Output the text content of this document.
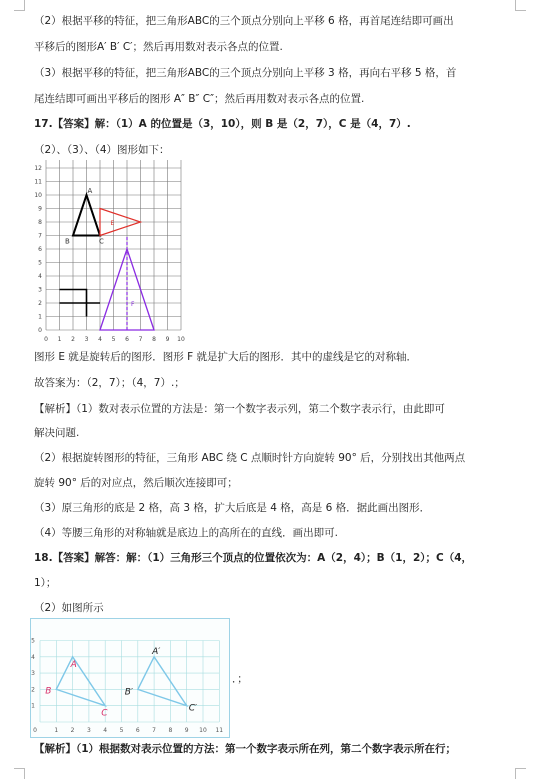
（2）根据平移的特征，把三角形ABC的三个顶点分别向上平移 6 格，再首尾连结即可画出
平移后的图形A′ B′ C′；然后再用数对表示各点的位置.
（3）根据平移的特征，把三角形ABC的三个顶点分别向上平移 3 格，再向右平移 5 格，首
尾连结即可画出平移后的图形 A″ B″ C″；然后再用数对表示各点的位置.
17.【答案】解：（1）A 的位置是（3，10），则 B 是（2，7），C 是（4，7）.
（2）、（3）、（4）图形如下：
0 1 2 3 4 5 6 7 8 9 10
0
1
2
3
4
5
6
7
8
9
10
11
12
A
B	C
E
F
图形 E 就是旋转后的图形．图形 F 就是扩大后的图形．其中的虚线是它的对称轴．
故答案为：（2，7）；（4，7）.；
【解析】（1）数对表示位置的方法是：第一个数字表示列，第二个数字表示行，由此即可
解决问题.
（2）根据旋转图形的特征，三角形 ABC 绕 C 点顺时针方向旋转 90° 后，分别找出其他两点
旋转 90° 后的对应点，然后顺次连接即可；
（3）原三角形的底是 2 格，高 3 格，扩大后底是 4 格，高是 6 格．据此画出图形．
（4）等腰三角形的对称轴就是底边上的高所在的直线．画出即可.
18.【答案】解答：解：（1）三角形三个顶点的位置依次为：A（2，4）；B（1，2）；C（4，
1）；
（2）如图所示
0	1 2 3 4 5 6 7 8 9 10 11
1
2
3
4
5
A
B
C
A′
B′
C′
．；
【解析】（1）根据数对表示位置的方法：第一个数字表示所在列，第二个数字表示所在行；
